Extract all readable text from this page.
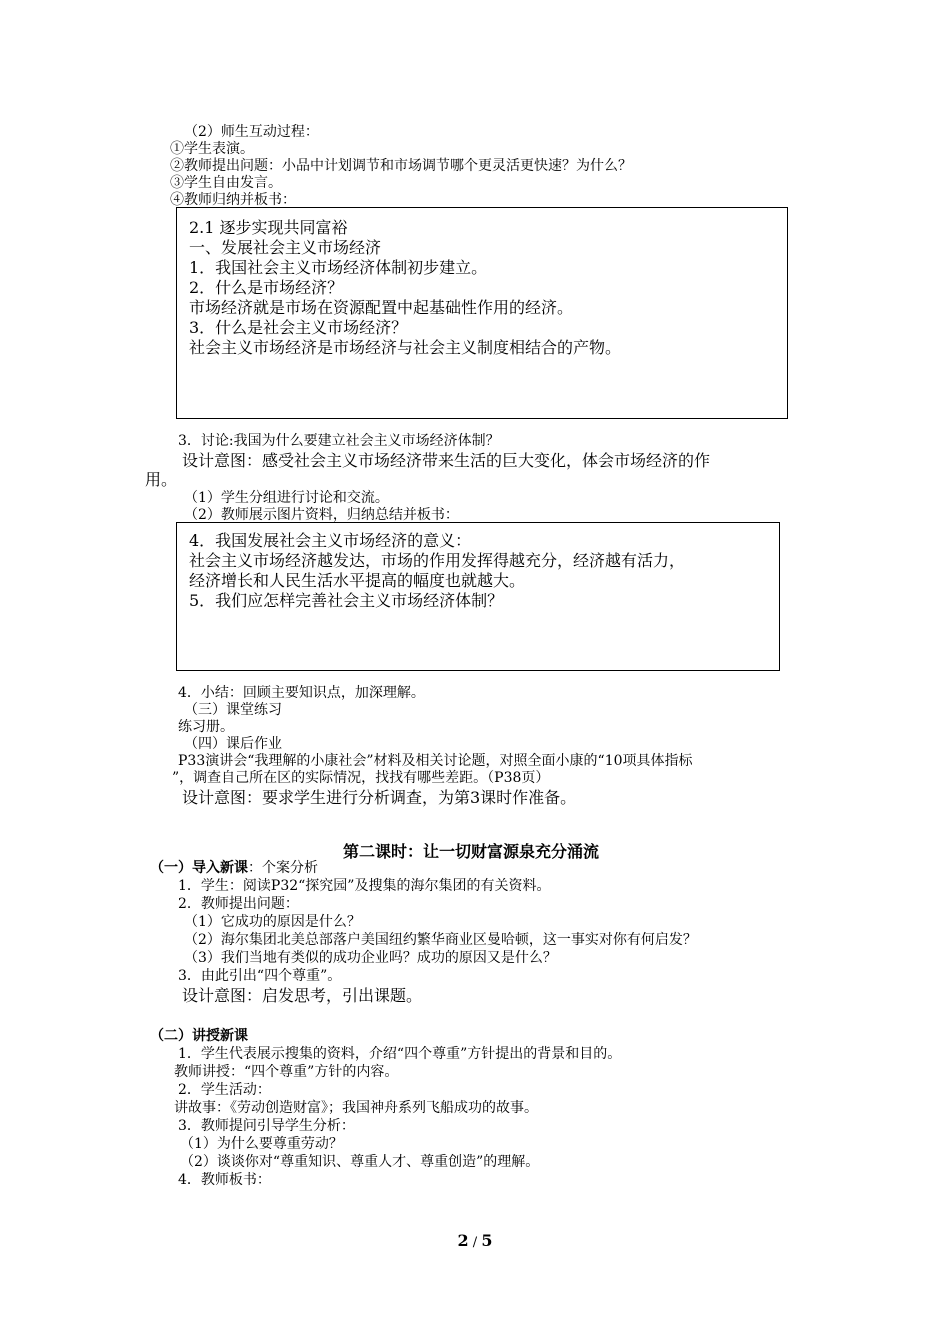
（2）师生互动过程：
①学生表演。
②教师提出问题：小品中计划调节和市场调节哪个更灵活更快速？为什么？
③学生自由发言。
④教师归纳并板书：
2.1 逐步实现共同富裕
一、发展社会主义市场经济
1．我国社会主义市场经济体制初步建立。
2．什么是市场经济？
市场经济就是市场在资源配置中起基础性作用的经济。
3．什么是社会主义市场经济？
社会主义市场经济是市场经济与社会主义制度相结合的产物。
3．讨论:我国为什么要建立社会主义市场经济体制？
设计意图：感受社会主义市场经济带来生活的巨大变化，体会市场经济的作
用。
（1）学生分组进行讨论和交流。
（2）教师展示图片资料，归纳总结并板书：
4．我国发展社会主义市场经济的意义：
社会主义市场经济越发达，市场的作用发挥得越充分，经济越有活力，
经济增长和人民生活水平提高的幅度也就越大。
5．我们应怎样完善社会主义市场经济体制？
4．小结：回顾主要知识点，加深理解。
（三）课堂练习
练习册。
（四）课后作业
P33演讲会“我理解的小康社会”材料及相关讨论题，对照全面小康的“10项具体指标
”，调查自己所在区的实际情况，找找有哪些差距。（P38页）
设计意图：要求学生进行分析调查，为第3课时作准备。
第二课时：让一切财富源泉充分涌流
（一）导入新课：个案分析
1．学生：阅读P32“探究园”及搜集的海尔集团的有关资料。
2．教师提出问题：
（1）它成功的原因是什么？
（2）海尔集团北美总部落户美国纽约繁华商业区曼哈顿，这一事实对你有何启发？
（3）我们当地有类似的成功企业吗？成功的原因又是什么？
3．由此引出“四个尊重”。
设计意图：启发思考，引出课题。
（二）讲授新课
1．学生代表展示搜集的资料，介绍“四个尊重”方针提出的背景和目的。
教师讲授：“四个尊重”方针的内容。
2．学生活动：
讲故事：《劳动创造财富》；我国神舟系列飞船成功的故事。
3．教师提问引导学生分析：
（1）为什么要尊重劳动？
（2）谈谈你对“尊重知识、尊重人才、尊重创造”的理解。
4．教师板书：
2 / 5
